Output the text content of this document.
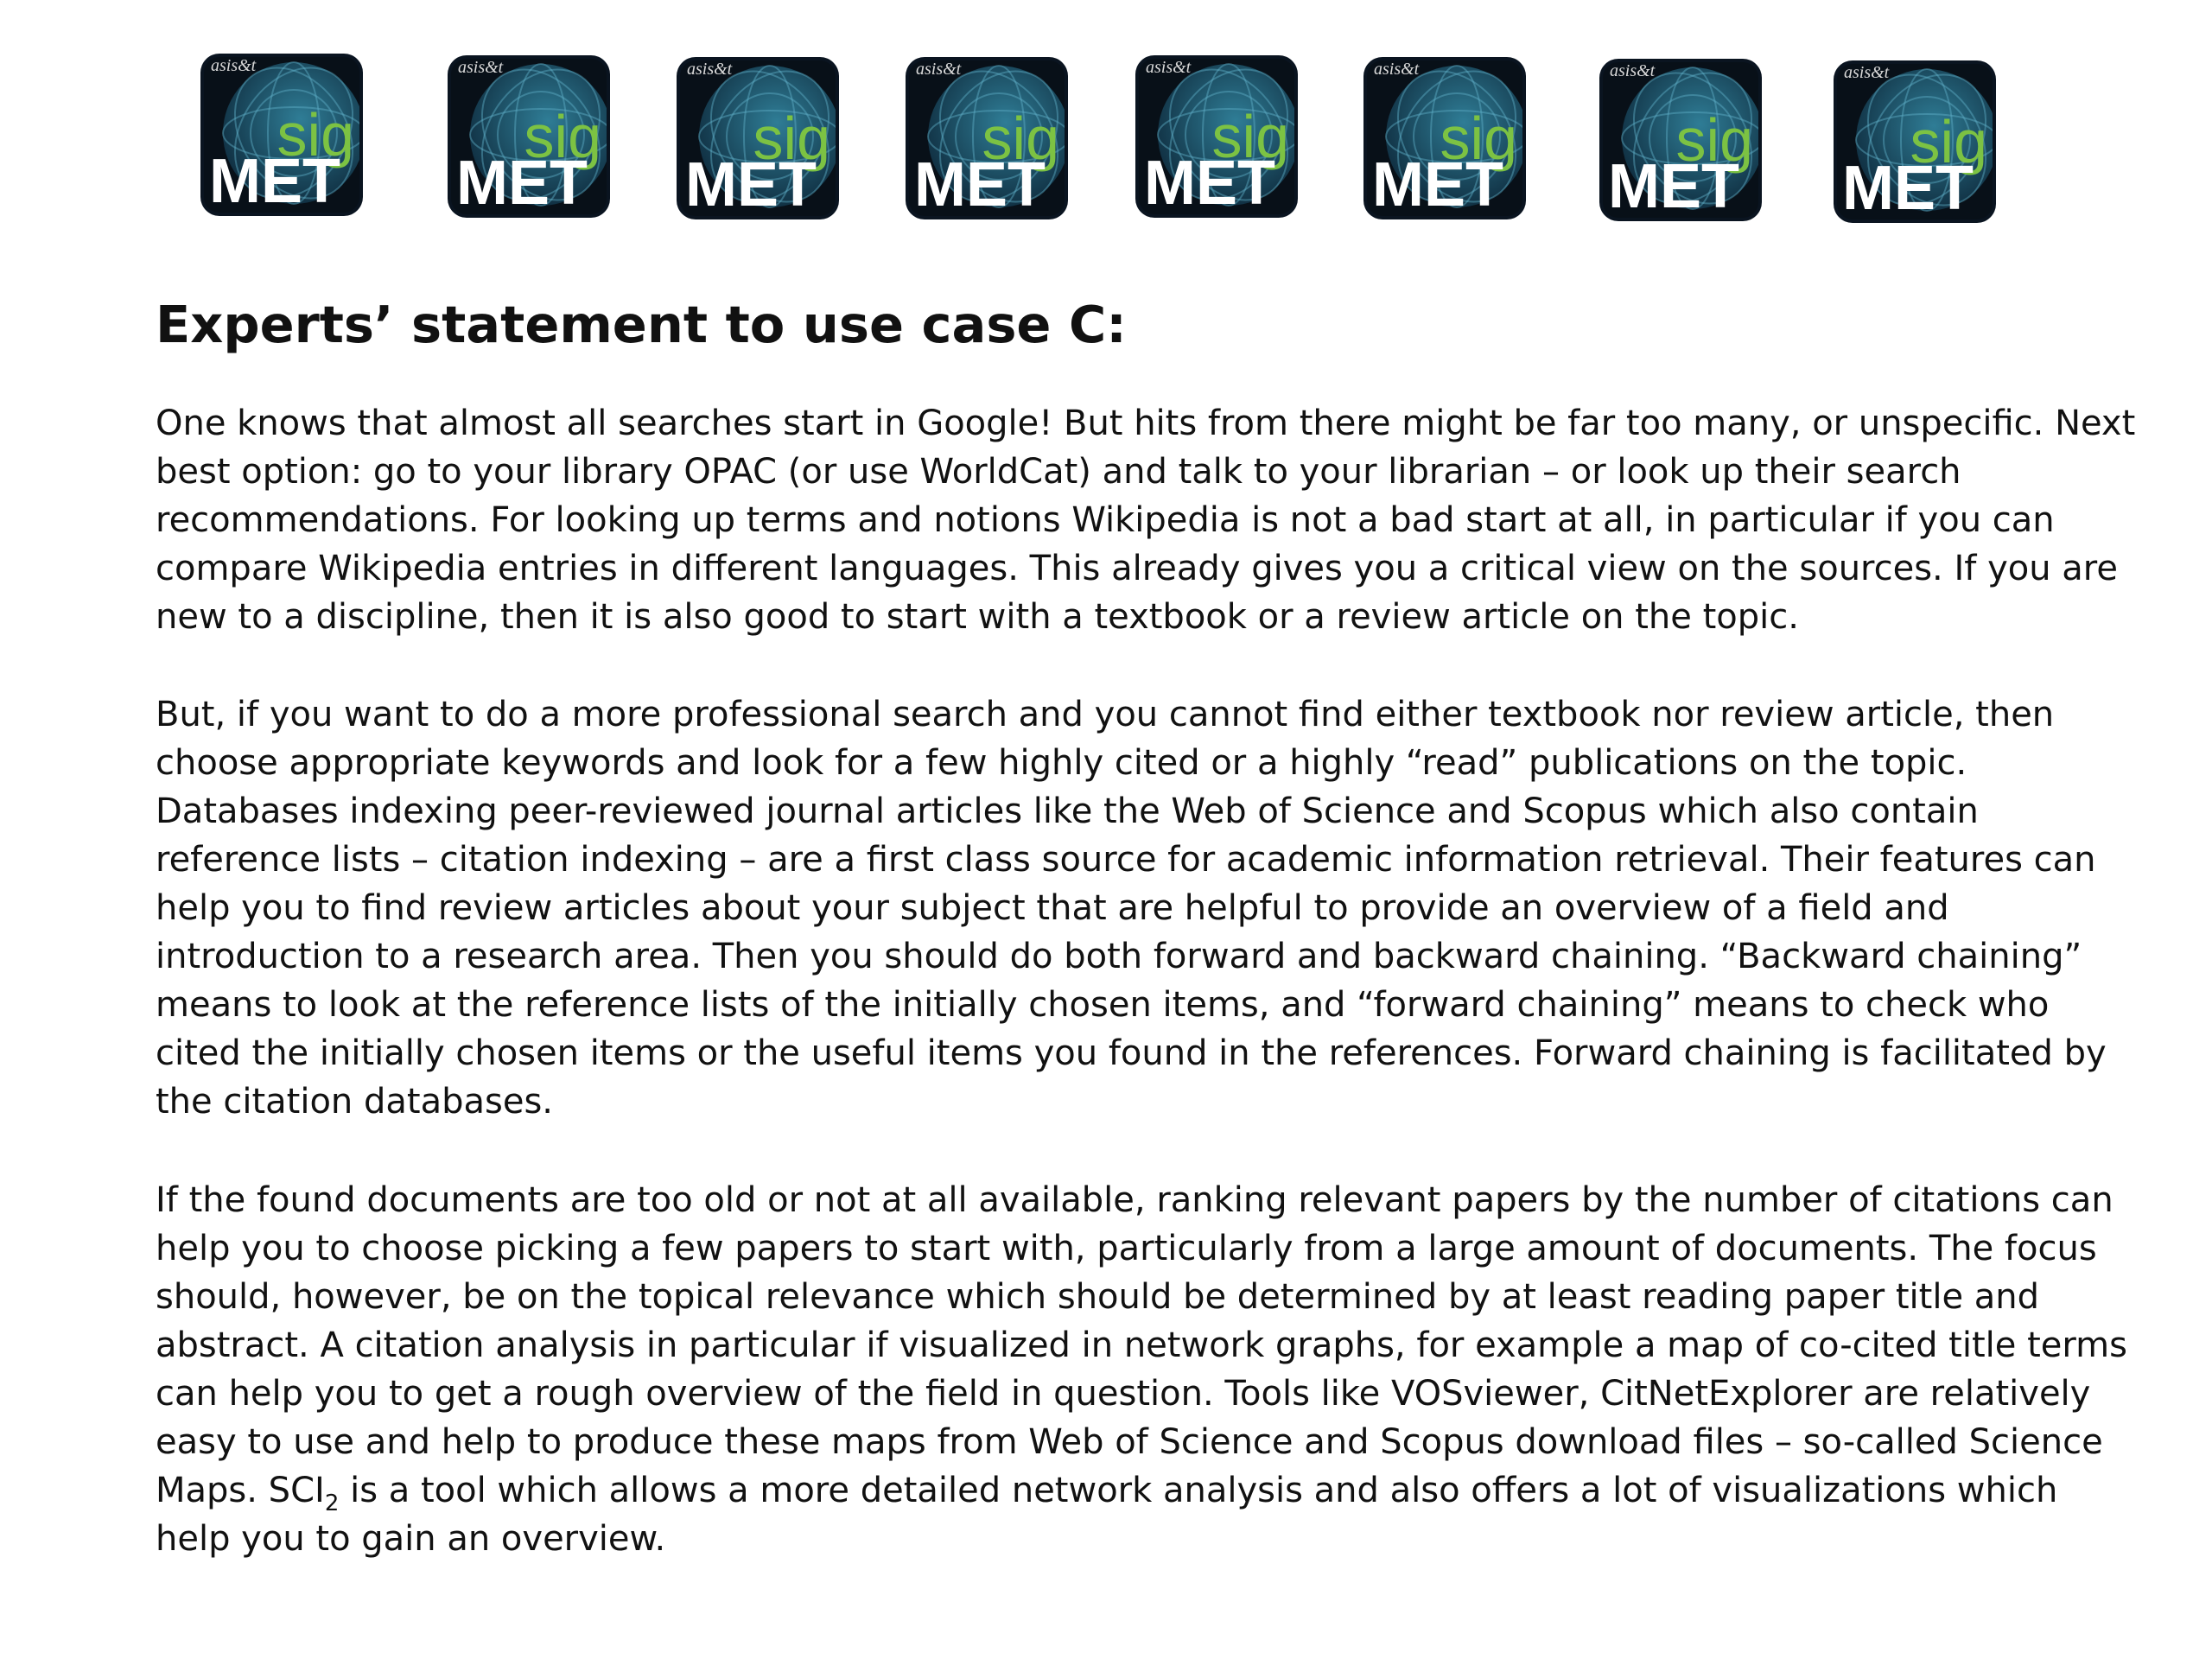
asis&t
sig
MET
asis&t
sig
MET
asis&t
sig
MET
asis&t
sig
MET
asis&t
sig
MET
asis&t
sig
MET
asis&t
sig
MET
asis&t
sig
MET
Experts’ statement to use case C:
One knows that almost all searches start in Google! But hits from there might be far too many, or unspecific. Next
best option: go to your library OPAC (or use WorldCat) and talk to your librarian – or look up their search
recommendations. For looking up terms and notions Wikipedia is not a bad start at all, in particular if you can
compare Wikipedia entries in different languages. This already gives you a critical view on the sources. If you are
new to a discipline, then it is also good to start with a textbook or a review article on the topic.
But, if you want to do a more professional search and you cannot find either textbook nor review article, then
choose appropriate keywords and look for a few highly cited or a highly “read” publications on the topic.
Databases indexing peer-reviewed journal articles like the Web of Science and Scopus which also contain
reference lists – citation indexing – are a first class source for academic information retrieval. Their features can
help you to find review articles about your subject that are helpful to provide an overview of a field and
introduction to a research area. Then you should do both forward and backward chaining. “Backward chaining”
means to look at the reference lists of the initially chosen items, and “forward chaining” means to check who
cited the initially chosen items or the useful items you found in the references. Forward chaining is facilitated by
the citation databases.
If the found documents are too old or not at all available, ranking relevant papers by the number of citations can
help you to choose picking a few papers to start with, particularly from a large amount of documents. The focus
should, however, be on the topical relevance which should be determined by at least reading paper title and
abstract. A citation analysis in particular if visualized in network graphs, for example a map of co-cited title terms
can help you to get a rough overview of the field in question. Tools like VOSviewer, CitNetExplorer are relatively
easy to use and help to produce these maps from Web of Science and Scopus download files – so-called Science
Maps. $SCI_2$ is a tool which allows a more detailed network analysis and also offers a lot of visualizations which
help you to gain an overview.
